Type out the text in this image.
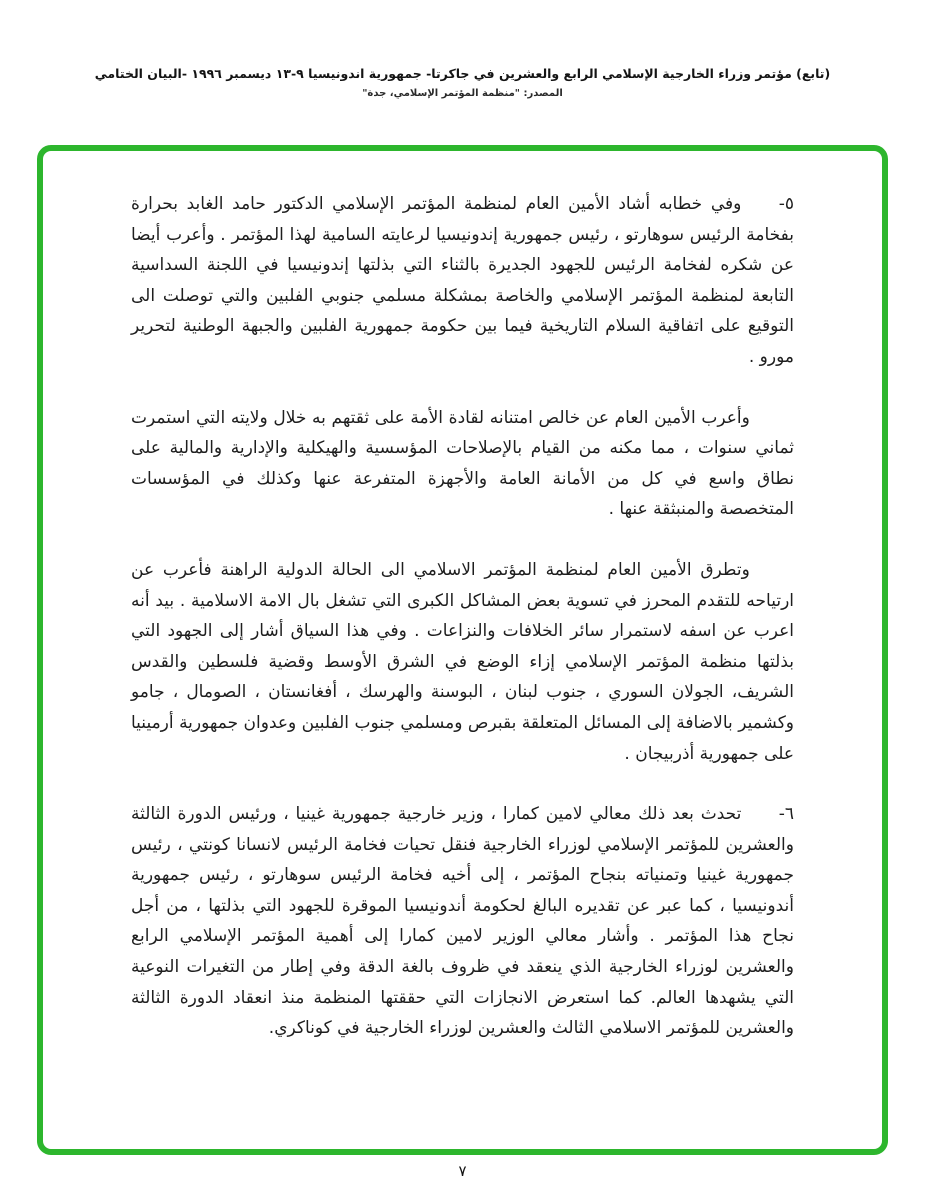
(تابع) مؤتمر وزراء الخارجية الإسلامي الرابع والعشرين في جاكرتا- جمهورية اندونيسيا ٩-١٣ ديسمبر ١٩٩٦ -البيان الختامي
المصدر: "منظمة المؤتمر الإسلامي، جدة"
٥-وفي خطابه أشاد الأمين العام لمنظمة المؤتمر الإسلامي الدكتور حامد الغابد بحرارة بفخامة الرئيس سوهارتو ، رئيس جمهورية إندونيسيا لرعايته السامية لهذا المؤتمر . وأعرب أيضا عن شكره لفخامة الرئيس للجهود الجديرة بالثناء التي بذلتها إندونيسيا في اللجنة السداسية التابعة لمنظمة المؤتمر الإسلامي والخاصة بمشكلة مسلمي جنوبي الفلبين والتي توصلت الى التوقيع على اتفاقية السلام التاريخية فيما بين حكومة جمهورية الفلبين والجبهة الوطنية لتحرير مورو .
وأعرب الأمين العام عن خالص امتنانه لقادة الأمة على ثقتهم به خلال ولايته التي استمرت ثماني سنوات ، مما مكنه من القيام بالإصلاحات المؤسسية والهيكلية والإدارية والمالية على نطاق واسع في كل من الأمانة العامة والأجهزة المتفرعة عنها وكذلك في المؤسسات المتخصصة والمنبثقة عنها .
وتطرق الأمين العام لمنظمة المؤتمر الاسلامي الى الحالة الدولية الراهنة فأعرب عن ارتياحه للتقدم المحرز في تسوية بعض المشاكل الكبرى التي تشغل بال الامة الاسلامية . بيد أنه اعرب عن اسفه لاستمرار سائر الخلافات والنزاعات . وفي هذا السياق أشار إلى الجهود التي بذلتها منظمة المؤتمر الإسلامي إزاء الوضع في الشرق الأوسط وقضية فلسطين والقدس الشريف، الجولان السوري ، جنوب لبنان ، البوسنة والهرسك ، أفغانستان ، الصومال ، جامو وكشمير بالاضافة إلى المسائل المتعلقة بقبرص ومسلمي جنوب الفلبين وعدوان جمهورية أرمينيا على جمهورية أذربيجان .
٦-تحدث بعد ذلك معالي لامين كمارا ، وزير خارجية جمهورية غينيا ، ورئيس الدورة الثالثة والعشرين للمؤتمر الإسلامي لوزراء الخارجية فنقل تحيات فخامة الرئيس لانسانا كونتي ، رئيس جمهورية غينيا وتمنياته بنجاح المؤتمر ، إلى أخيه فخامة الرئيس سوهارتو ، رئيس جمهورية أندونيسيا ، كما عبر عن تقديره البالغ لحكومة أندونيسيا الموقرة للجهود التي بذلتها ، من أجل نجاح هذا المؤتمر . وأشار معالي الوزير لامين كمارا إلى أهمية المؤتمر الإسلامي الرابع والعشرين لوزراء الخارجية الذي ينعقد في ظروف بالغة الدقة وفي إطار من التغيرات النوعية التي يشهدها العالم. كما استعرض الانجازات التي حققتها المنظمة منذ انعقاد الدورة الثالثة والعشرين للمؤتمر الاسلامي الثالث والعشرين لوزراء الخارجية في كوناكري.
٧
